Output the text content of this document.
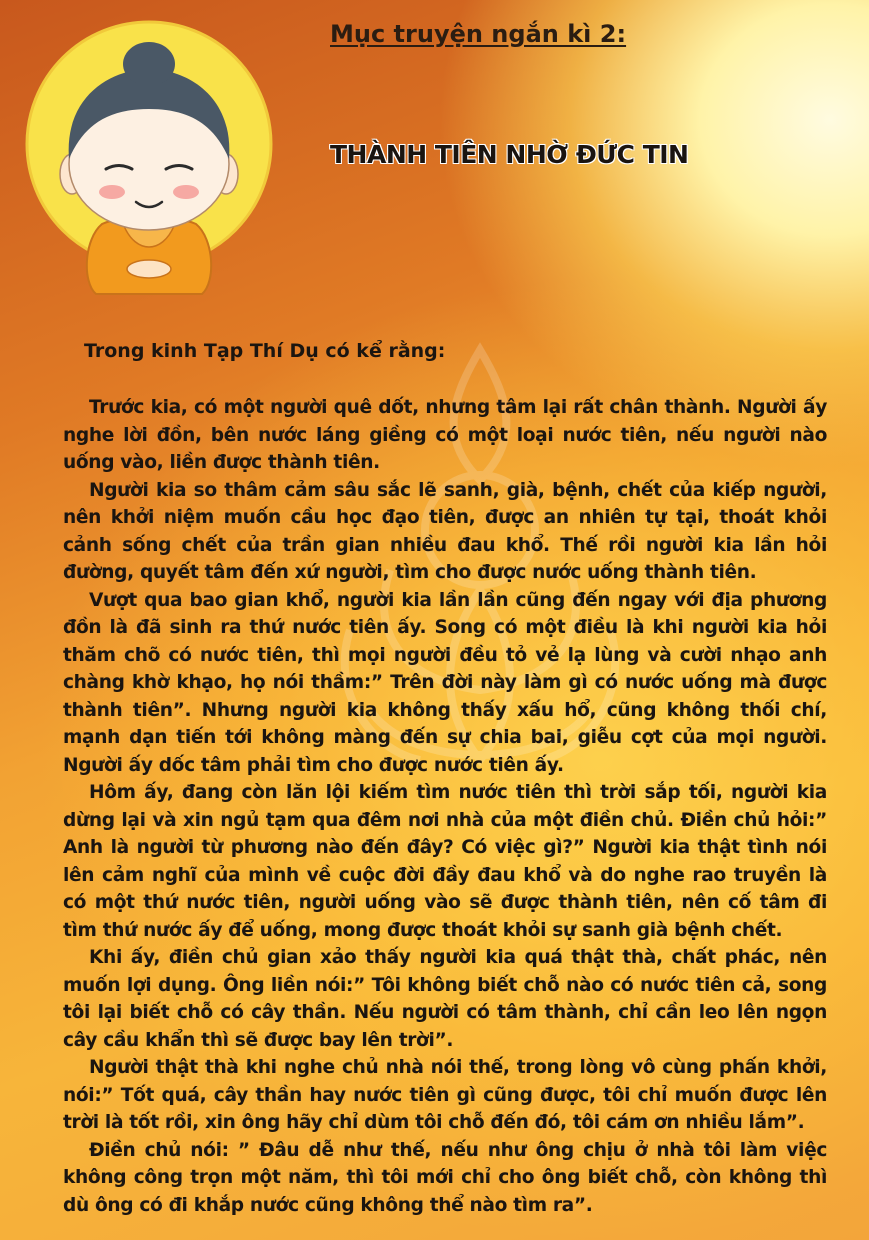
Mục truyện ngắn kì 2:
THÀNH TIÊN NHỜ ĐỨC TIN
Trong kinh Tạp Thí Dụ có kể rằng:

Trước kia, có một người quê dốt, nhưng tâm lại rất chân thành. Người ấy nghe lời đồn, bên nước láng giềng có một loại nước tiên, nếu người nào uống vào, liền được thành tiên.

Người kia so thâm cảm sâu sắc lẽ sanh, già, bệnh, chết của kiếp người, nên khởi niệm muốn cầu học đạo tiên, được an nhiên tự tại, thoát khỏi cảnh sống chết của trần gian nhiều đau khổ. Thế rồi người kia lần hỏi đường, quyết tâm đến xứ người, tìm cho được nước uống thành tiên.

Vượt qua bao gian khổ, người kia lần lần cũng đến ngay với địa phương đồn là đã sinh ra thứ nước tiên ấy. Song có một điều là khi người kia hỏi thăm chõ có nước tiên, thì mọi người đều tỏ vẻ lạ lùng và cười nhạo anh chàng khờ khạo, họ nói thầm:” Trên đời này làm gì có nước uống mà được thành tiên”. Nhưng người kia không thấy xấu hổ, cũng không thối chí, mạnh dạn tiến tới không màng đến sự chia bai, giễu cợt của mọi người. Người ấy dốc tâm phải tìm cho được nước tiên ấy.

Hôm ấy, đang còn lăn lội kiếm tìm nước tiên thì trời sắp tối, người kia dừng lại và xin ngủ tạm qua đêm nơi nhà của một điền chủ. Điền chủ hỏi:” Anh là người từ phương nào đến đây? Có việc gì?” Người kia thật tình nói lên cảm nghĩ của mình về cuộc đời đầy đau khổ và do nghe rao truyền là có một thứ nước tiên, người uống vào sẽ được thành tiên, nên cố tâm đi tìm thứ nước ấy để uống, mong được thoát khỏi sự sanh già bệnh chết.

Khi ấy, điền chủ gian xảo thấy người kia quá thật thà, chất phác, nên muốn lợi dụng. Ông liền nói:” Tôi không biết chỗ nào có nước tiên cả, song tôi lại biết chỗ có cây thần. Nếu người có tâm thành, chỉ cần leo lên ngọn cây cầu khẩn thì sẽ được bay lên trời”.

Người thật thà khi nghe chủ nhà nói thế, trong lòng vô cùng phấn khởi, nói:” Tốt quá, cây thần hay nước tiên gì cũng được, tôi chỉ muốn được lên trời là tốt rồi, xin ông hãy chỉ dùm tôi chỗ đến đó, tôi cám ơn nhiều lắm”.

Điền chủ nói: ” Đâu dễ như thế, nếu như ông chịu ở nhà tôi làm việc không công trọn một năm, thì tôi mới chỉ cho ông biết chỗ, còn không thì dù ông có đi khắp nước cũng không thể nào tìm ra”.
